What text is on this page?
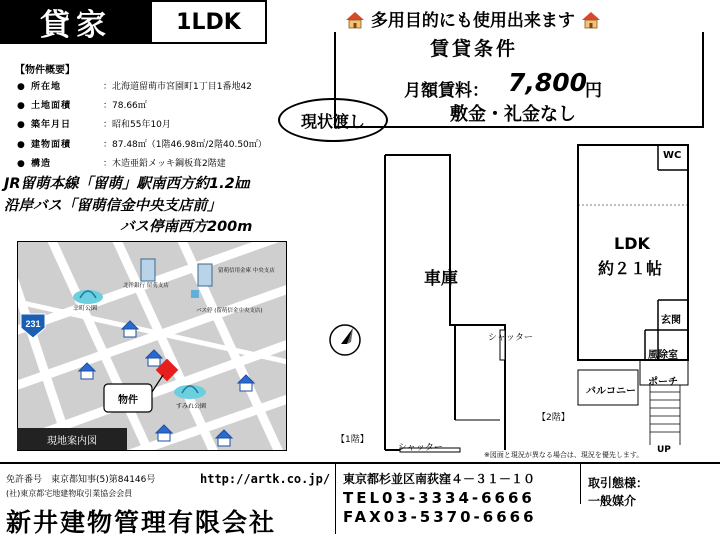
貸家	1LDK	多用目的にも使用出来ます
賃貸条件
月額賃料： 7,800
円
敷金・礼金なし
【物件概要】
● 所在地	：北海道留萌市宮園町1丁目1番地42
● 土地面積	：78.66㎡
● 築年月日	：昭和55年10月
● 建物面積	：87.48㎡（1階46.98㎡/2階40.50㎡）
● 構造	：木造亜鉛メッキ鋼板葺2階建
現状渡し
JR留萌本線「留萌」駅南西方約1.2㎞
沿岸バス「留萌信金中央支店前」
バス停南西方200m
231
幸町公園
北洋銀行 留萌支店
留萌信用金庫 中央支店
バス停 (留萌信金中央支店)
すみれ公園
物件
現地案内図
車庫
シャッター
シャッター
【1階】
WC
LDK
約２１帖
玄関
風除室
ポーチ
バルコニー
UP
【2階】
※図面と現況が異なる場合は、現況を優先します。
免許番号　東京都知事(5)第84146号
(社)東京都宅地建物取引業協会会員
新井建物管理有限会社
http://artk.co.jp/ 東京都杉並区南荻窪４－３１－１０
TEL03-3334-6666
FAX03-5370-6666
取引態様：
一般媒介
